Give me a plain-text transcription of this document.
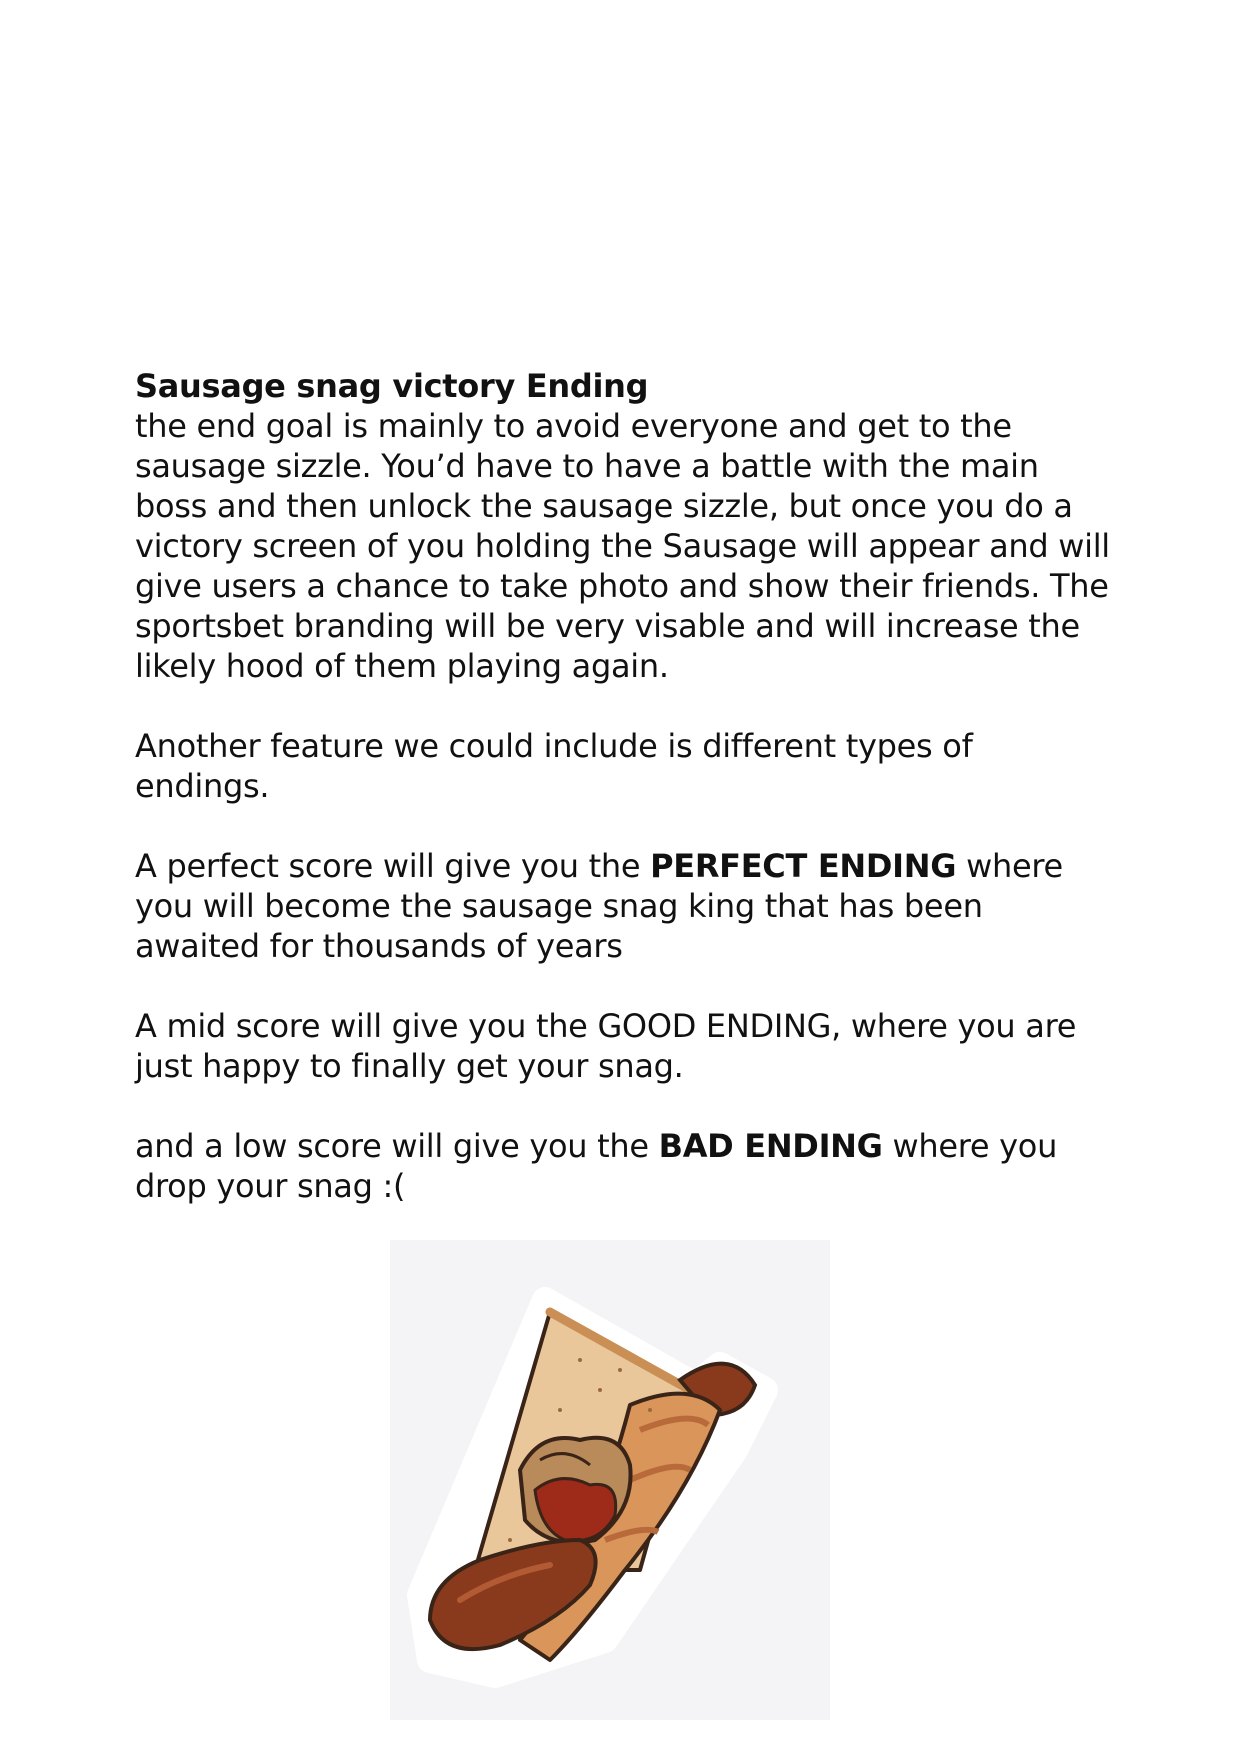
Sausage snag victory Ending

the end goal is mainly to avoid everyone and get to the sausage sizzle. You’d have to have a battle with the main boss and then unlock the sausage sizzle, but once you do a victory screen of you holding the Sausage will appear and will give users a chance to take photo and show their friends. The sportsbet branding will be very visable and will increase the likely hood of them playing again.

Another feature we could include is different types of endings.

A perfect score will give you the PERFECT ENDING where you will become the sausage snag king that has been awaited for thousands of years

A mid score will give you the GOOD ENDING, where you are just happy to finally get your snag.

and a low score will give you the BAD ENDING where you drop your snag :(
